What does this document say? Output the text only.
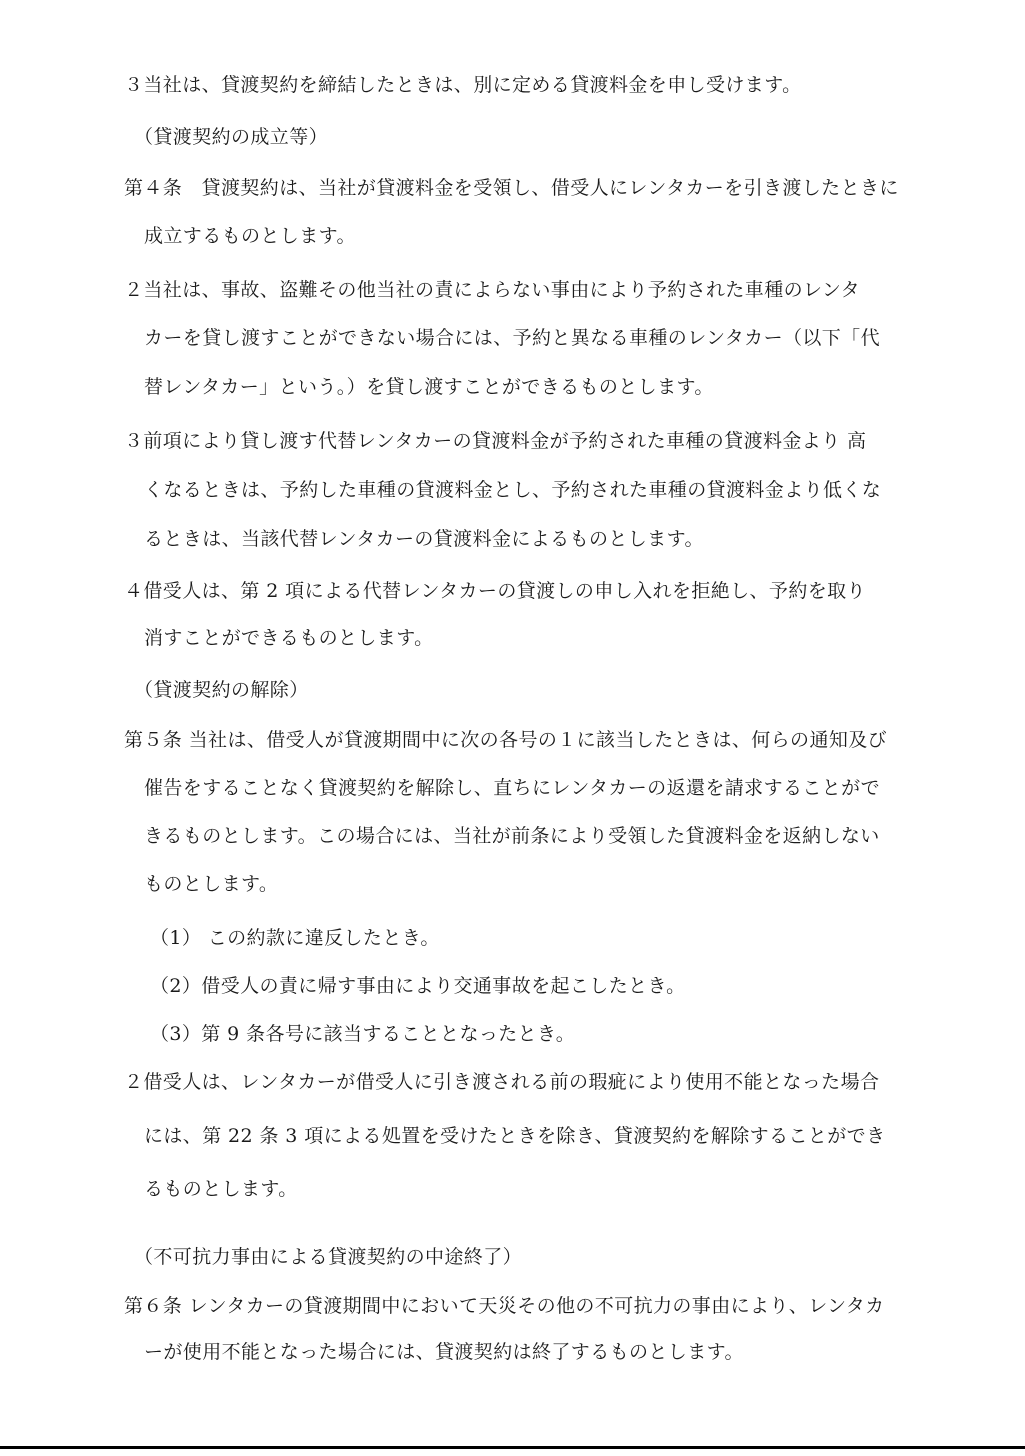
３当社は、貸渡契約を締結したときは、別に定める貸渡料金を申し受けます。
（貸渡契約の成立等）
第４条　貸渡契約は、当社が貸渡料金を受領し、借受人にレンタカーを引き渡したときに
成立するものとします。
２当社は、事故、盗難その他当社の責によらない事由により予約された車種のレンタ
カーを貸し渡すことができない場合には、予約と異なる車種のレンタカー（以下「代
替レンタカー」という。）を貸し渡すことができるものとします。
３前項により貸し渡す代替レンタカーの貸渡料金が予約された車種の貸渡料金より 高
くなるときは、予約した車種の貸渡料金とし、予約された車種の貸渡料金より低くな
るときは、当該代替レンタカーの貸渡料金によるものとします。
４借受人は、第 2 項による代替レンタカーの貸渡しの申し入れを拒絶し、予約を取り
消すことができるものとします。
（貸渡契約の解除）
第５条 当社は、借受人が貸渡期間中に次の各号の１に該当したときは、何らの通知及び
催告をすることなく貸渡契約を解除し、直ちにレンタカーの返還を請求することがで
きるものとします。この場合には、当社が前条により受領した貸渡料金を返納しない
ものとします。
（1） この約款に違反したとき。
（2）借受人の責に帰す事由により交通事故を起こしたとき。
（3）第 9 条各号に該当することとなったとき。
２借受人は、レンタカーが借受人に引き渡される前の瑕疵により使用不能となった場合
には、第 22 条 3 項による処置を受けたときを除き、貸渡契約を解除することができ
るものとします。
（不可抗力事由による貸渡契約の中途終了）
第６条 レンタカーの貸渡期間中において天災その他の不可抗力の事由により、レンタカ
ーが使用不能となった場合には、貸渡契約は終了するものとします。
